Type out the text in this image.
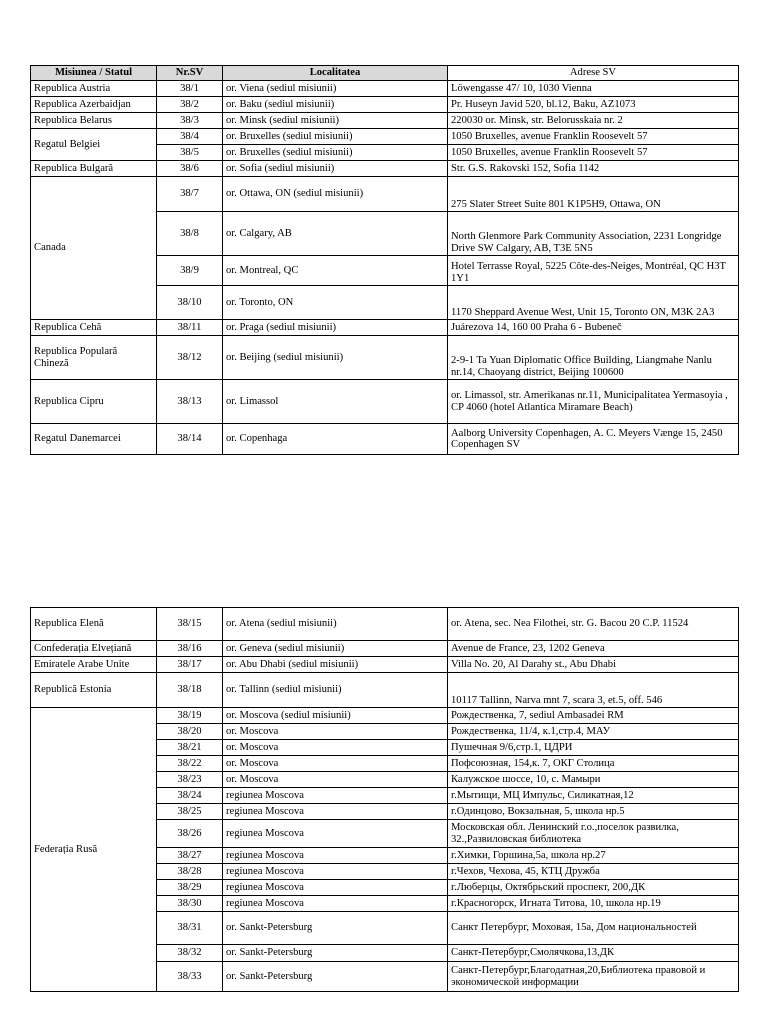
Misiunea / Statul	Nr.SV	Localitatea	Adrese SV
Republica Austria	38/1	or. Viena (sediul misiunii)	Löwengasse 47/ 10, 1030 Vienna
Republica Azerbaidjan	38/2	or. Baku (sediul misiunii)	Pr. Huseyn Javid 520, bl.12, Baku, AZ1073
Republica Belarus	38/3	or. Minsk (sediul misiunii)	220030 or. Minsk, str. Belorusskaia nr. 2
Regatul Belgiei	38/4	or. Bruxelles (sediul misiunii)	1050 Bruxelles, avenue Franklin Roosevelt 57
	38/5	or. Bruxelles (sediul misiunii)	1050 Bruxelles, avenue Franklin Roosevelt 57
Republica Bulgară	38/6	or. Sofia (sediul misiunii)	Str. G.S. Rakovski 152, Sofia 1142
Canada	38/7	or. Ottawa, ON (sediul misiunii)	275 Slater Street Suite 801 K1P5H9, Ottawa, ON
	38/8	or. Calgary, AB	North Glenmore Park Community Association, 2231 Longridge Drive SW Calgary, AB, T3E 5N5
	38/9	or. Montreal, QC	Hotel Terrasse Royal, 5225 Côte-des-Neiges, Montréal, QC H3T 1Y1
	38/10	or. Toronto, ON	1170 Sheppard Avenue West, Unit 15, Toronto ON, M3K 2A3
Republica Cehă	38/11	or. Praga (sediul misiunii)	Juárezova 14, 160 00 Praha 6 - Bubeneč
Republica Populară Chineză	38/12	or. Beijing (sediul misiunii)	2-9-1 Ta Yuan Diplomatic Office Building, Liangmahe Nanlu nr.14, Chaoyang district, Beijing 100600
Republica Cipru	38/13	or. Limassol	or. Limassol, str. Amerikanas nr.11, Municipalitatea Yermasoyia , CP 4060 (hotel Atlantica Miramare Beach)
Regatul Danemarcei	38/14	or. Copenhaga	Aalborg University Copenhagen, A. C. Meyers Vænge 15, 2450 Copenhagen SV

Republica Elenă	38/15	or. Atena (sediul misiunii)	or. Atena, sec. Nea Filothei, str. G. Bacou 20 C.P. 11524
Confederația Elvețiană	38/16	or. Geneva (sediul misiunii)	Avenue de France, 23, 1202 Geneva
Emiratele Arabe Unite	38/17	or. Abu Dhabi (sediul misiunii)	Villa No. 20, Al Darahy st., Abu Dhabi
Republică Estonia	38/18	or. Tallinn (sediul misiunii)	10117 Tallinn, Narva mnt 7, scara 3, et.5, off. 546
Federația Rusă	38/19	or. Moscova (sediul misiunii)	Рождественка, 7, sediul Ambasadei RM
	38/20	or. Moscova	Рождественка, 11/4, к.1,стр.4, МАУ
	38/21	or. Moscova	Пушечная 9/6,стр.1, ЦДРИ
	38/22	or. Moscova	Пофсоюзная, 154,к. 7, ОКГ Столица
	38/23	or. Moscova	Калужское шоссе, 10, с. Мамыри
	38/24	regiunea Moscova	г.Мытищи, МЦ Импульс, Силикатная,12
	38/25	regiunea Moscova	г.Одинцово, Вокзальная, 5, школа нр.5
	38/26	regiunea Moscova	Московская обл. Ленинский г.о.,поселок развилка, 32.,Развиловская библиотека
	38/27	regiunea Moscova	г.Химки, Горшина,5а, школа нр.27
	38/28	regiunea Moscova	г.Чехов, Чехова, 45, КТЦ Дружба
	38/29	regiunea Moscova	г.Люберцы, Октябрьский проспект, 200,ДК
	38/30	regiunea Moscova	г.Красногорск, Игната Титова, 10, школа нр.19
	38/31	or. Sankt-Petersburg	Санкт Петербург, Моховая, 15а, Дом национальностей
	38/32	or. Sankt-Petersburg	Санкт-Петербург,Смолячкова,13,ДК
	38/33	or. Sankt-Petersburg	Санкт-Петербург,Благодатная,20,Библиотека правовой и экономической информации
